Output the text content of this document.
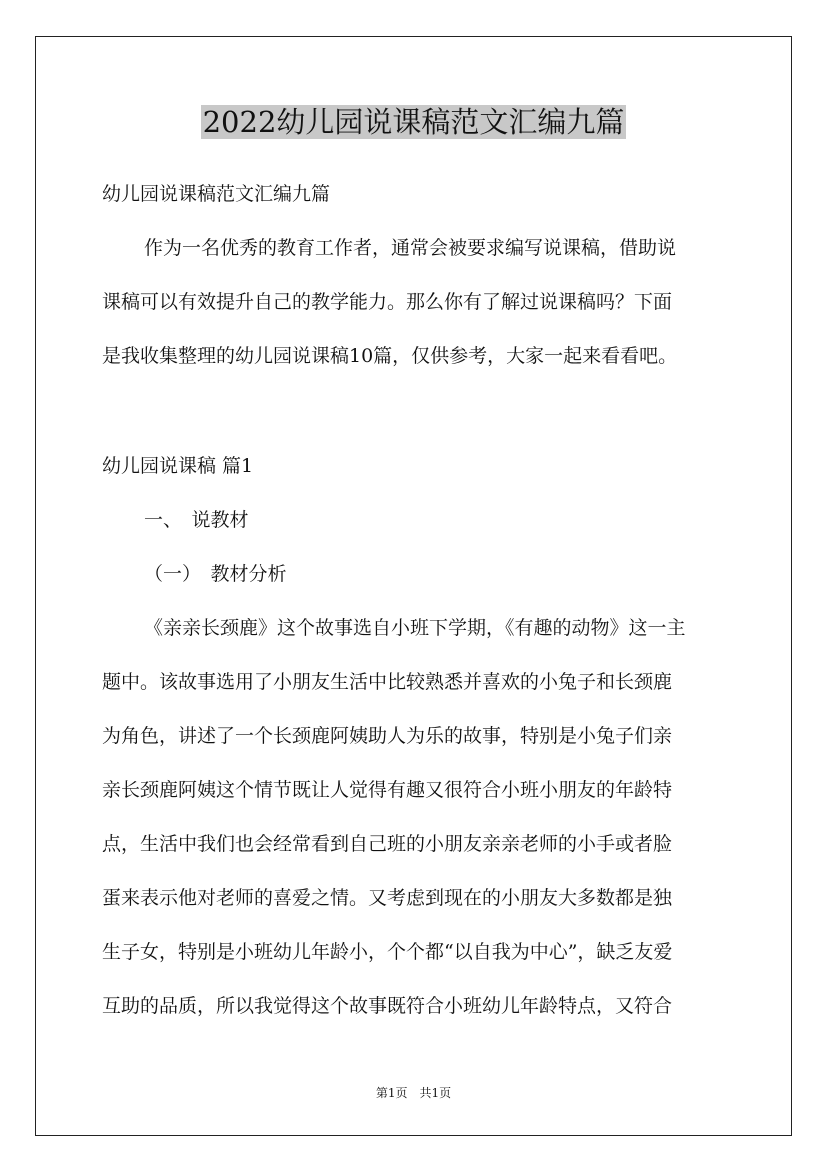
2022幼儿园说课稿范文汇编九篇

幼儿园说课稿范文汇编九篇

作为一名优秀的教育工作者，通常会被要求编写说课稿，借助说

课稿可以有效提升自己的教学能力。那么你有了解过说课稿吗？下面

是我收集整理的幼儿园说课稿10篇，仅供参考，大家一起来看看吧。

幼儿园说课稿 篇1

一、　说教材

（一）　教材分析

《亲亲长颈鹿》这个故事选自小班下学期，《有趣的动物》这一主

题中。该故事选用了小朋友生活中比较熟悉并喜欢的小兔子和长颈鹿

为角色，讲述了一个长颈鹿阿姨助人为乐的故事，特别是小兔子们亲

亲长颈鹿阿姨这个情节既让人觉得有趣又很符合小班小朋友的年龄特

点，生活中我们也会经常看到自己班的小朋友亲亲老师的小手或者脸

蛋来表示他对老师的喜爱之情。又考虑到现在的小朋友大多数都是独

生子女，特别是小班幼儿年龄小，个个都“以自我为中心”，缺乏友爱

互助的品质，所以我觉得这个故事既符合小班幼儿年龄特点，又符合

第1页　共1页
